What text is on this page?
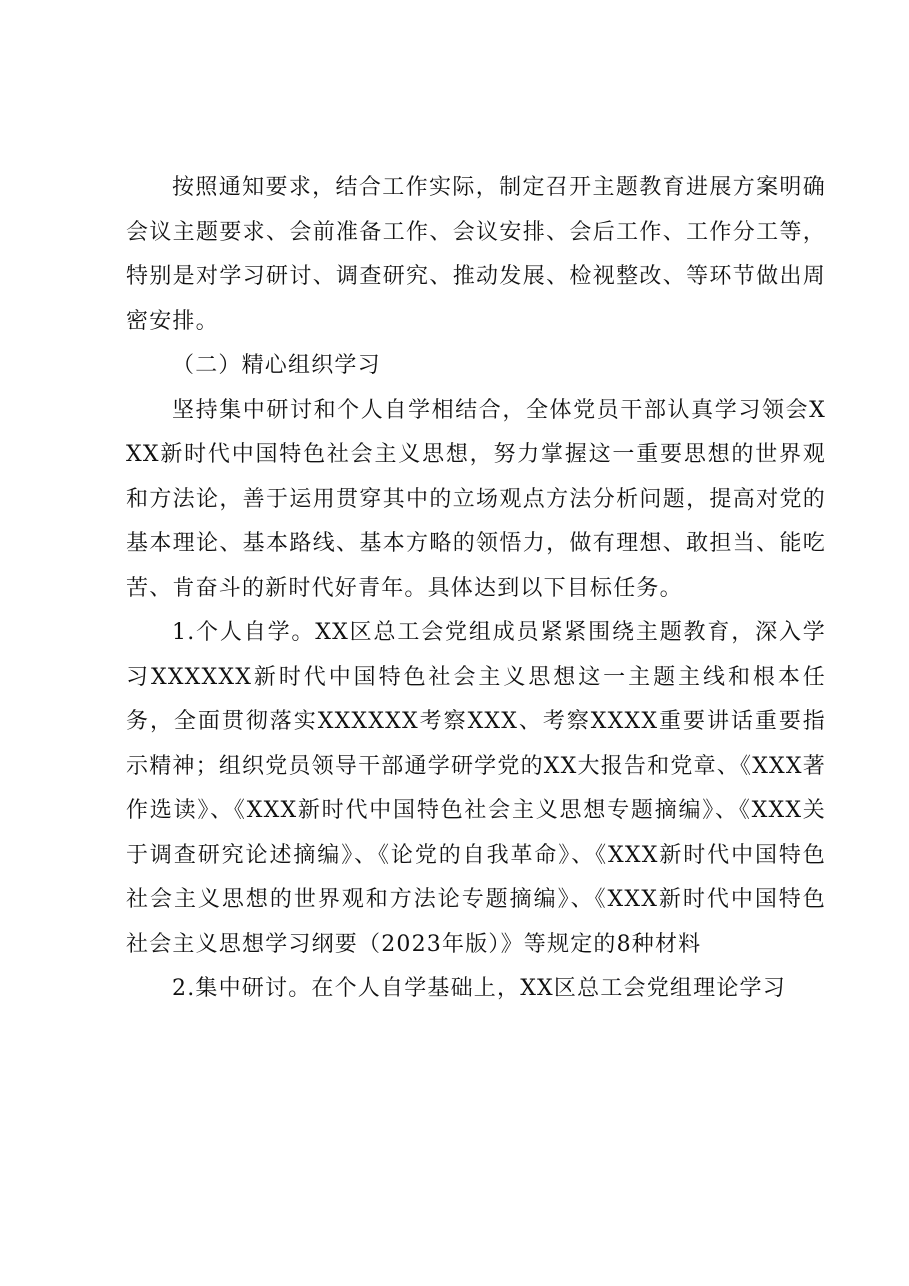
按照通知要求，结合工作实际，制定召开主题教育进展方案明确会议主题要求、会前准备工作、会议安排、会后工作、工作分工等，特别是对学习研讨、调查研究、推动发展、检视整改、等环节做出周密安排。

（二）精心组织学习

坚持集中研讨和个人自学相结合，全体党员干部认真学习领会XXX新时代中国特色社会主义思想，努力掌握这一重要思想的世界观和方法论，善于运用贯穿其中的立场观点方法分析问题，提高对党的基本理论、基本路线、基本方略的领悟力，做有理想、敢担当、能吃苦、肯奋斗的新时代好青年。具体达到以下目标任务。

1.个人自学。XX区总工会党组成员紧紧围绕主题教育，深入学习XXXXXX新时代中国特色社会主义思想这一主题主线和根本任务，全面贯彻落实XXXXXX考察XXX、考察XXXX重要讲话重要指示精神；组织党员领导干部通学研学党的XX大报告和党章、《XXX著作选读》、《XXX新时代中国特色社会主义思想专题摘编》、《XXX关于调查研究论述摘编》、《论党的自我革命》、《XXX新时代中国特色社会主义思想的世界观和方法论专题摘编》、《XXX新时代中国特色社会主义思想学习纲要（2023年版）》等规定的8种材料

2.集中研讨。在个人自学基础上，XX区总工会党组理论学习
